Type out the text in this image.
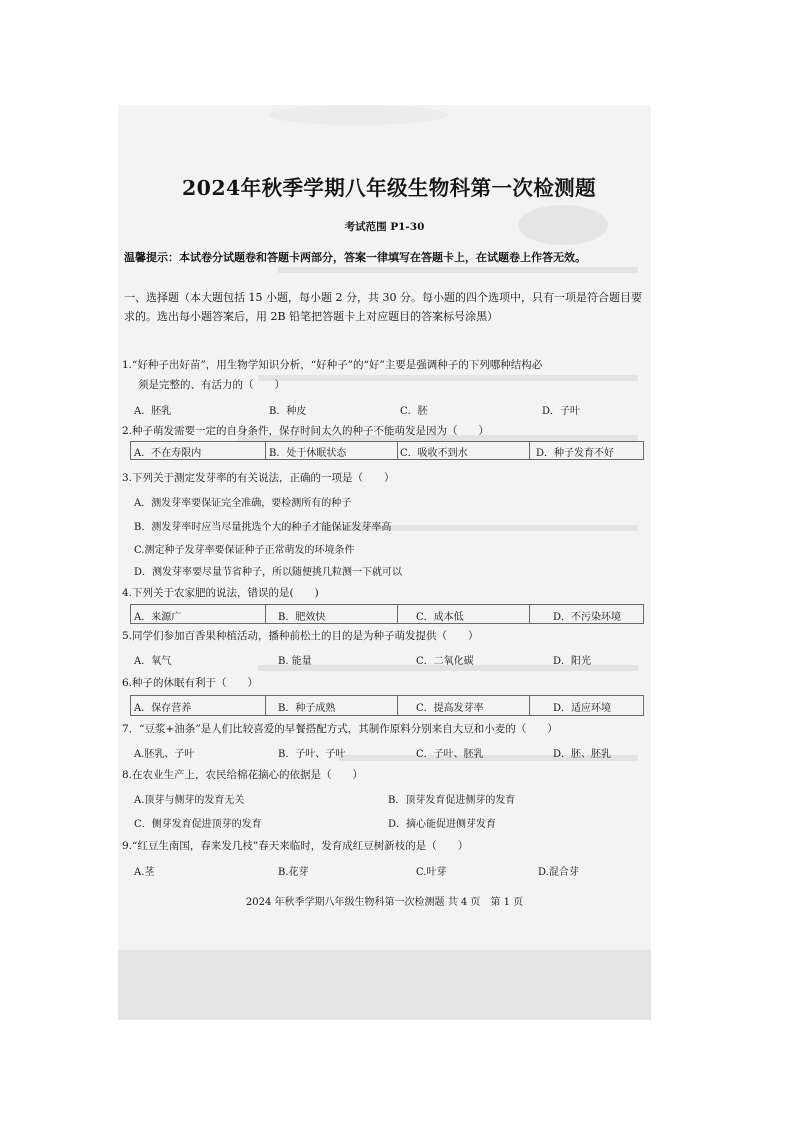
2024年秋季学期八年级生物科第一次检测题
考试范围 P1-30
温馨提示：本试卷分试题卷和答题卡两部分，答案一律填写在答题卡上，在试题卷上作答无效。
一、选择题（本大题包括 15 小题，每小题 2 分，共 30 分。每小题的四个选项中，只有一项是符合题目要求的。选出每小题答案后，用 2B 铅笔把答题卡上对应题目的答案标号涂黑）
1.“好种子出好苗”，用生物学知识分析，“好种子”的“好”主要是强调种子的下列哪种结构必
须是完整的、有活力的（　　）
A．胚乳	B．种皮	C．胚	D．子叶
2.种子萌发需要一定的自身条件，保存时间太久的种子不能萌发是因为（　　）
A．不在寿限内	B．处于休眠状态	C．吸收不到水	D．种子发育不好
3.下列关于测定发芽率的有关说法，正确的一项是（　　）
A．测发芽率要保证完全准确，要检测所有的种子
B．测发芽率时应当尽量挑选个大的种子才能保证发芽率高
C.测定种子发芽率要保证种子正常萌发的环境条件
D．测发芽率要尽量节省种子，所以随便挑几粒测一下就可以
4.下列关于农家肥的说法，错误的是(　　)
A．来源广	B．肥效快	C．成本低	D．不污染环境
5.同学们参加百香果种植活动，播种前松土的目的是为种子萌发提供（　　）
A．氧气	B. 能量	C．二氧化碳	D．阳光
6.种子的休眠有利于（　　）
A．保存营养	B．种子成熟	C．提高发芽率	D．适应环境
7．“豆浆+油条”是人们比较喜爱的早餐搭配方式，其制作原料分别来自大豆和小麦的（　　）
A.胚乳、子叶	B．子叶、子叶	C．子叶、胚乳	D．胚、胚乳
8.在农业生产上，农民给棉花摘心的依据是（　　）
A.顶芽与侧芽的发育无关	B．顶芽发育促进侧芽的发育
C．侧芽发育促进顶芽的发育	D．摘心能促进侧芽发育
9.“红豆生南国，春来发几枝”春天来临时，发育成红豆树新枝的是（　　）
A.茎	B.花芽	C.叶芽	D.混合芽
2024 年秋季学期八年级生物科第一次检测题 共 4 页　第 1 页
